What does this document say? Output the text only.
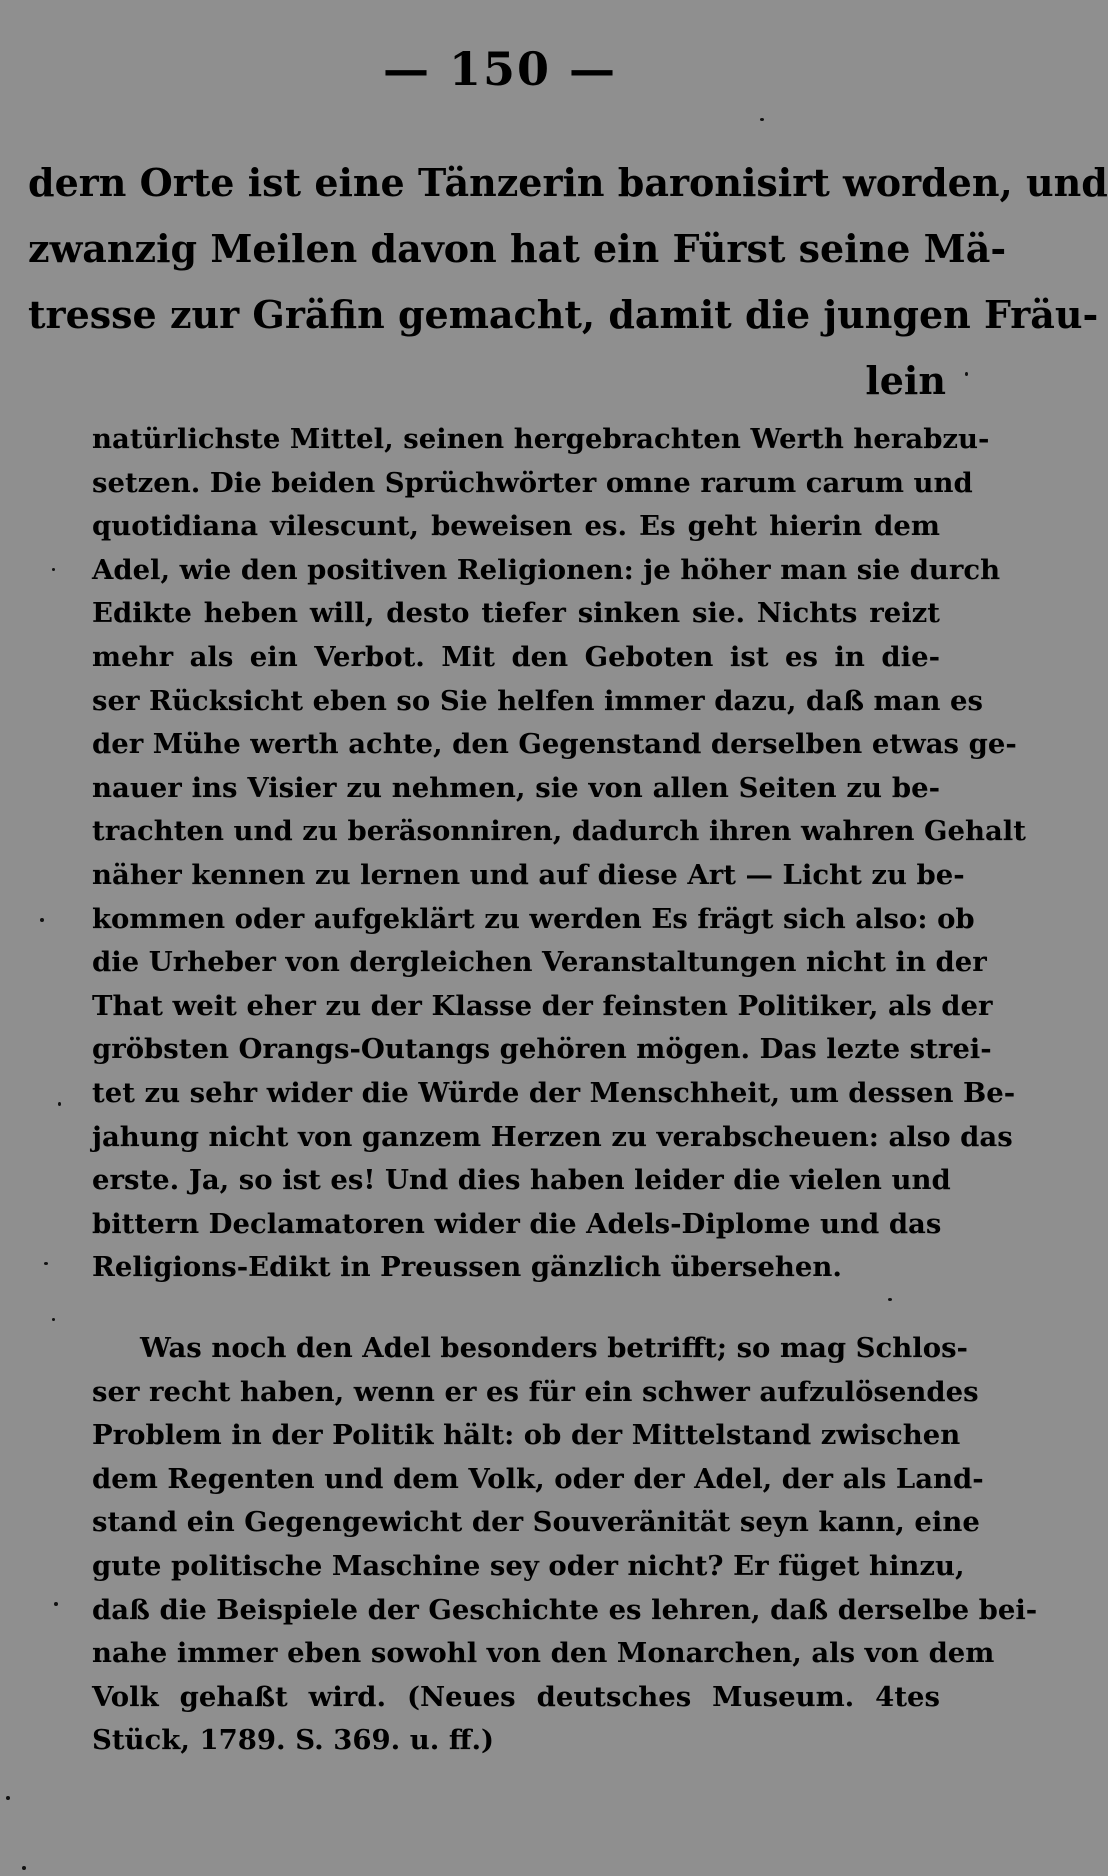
— 150 —
dern Orte ist eine Tänzerin baronisirt worden, und
zwanzig Meilen davon hat ein Fürst seine Mä-
tresse zur Gräfin gemacht, damit die jungen Fräu-
lein
natürlichste Mittel, seinen hergebrachten Werth herabzu-
setzen. Die beiden Sprüchwörter omne rarum carum und
quotidiana vilescunt, beweisen es. Es geht hierin dem
Adel, wie den positiven Religionen: je höher man sie durch
Edikte heben will, desto tiefer sinken sie. Nichts reizt
mehr als ein Verbot. Mit den Geboten ist es in die-
ser Rücksicht eben so Sie helfen immer dazu, daß man es
der Mühe werth achte, den Gegenstand derselben etwas ge-
nauer ins Visier zu nehmen, sie von allen Seiten zu be-
trachten und zu beräsonniren, dadurch ihren wahren Gehalt
näher kennen zu lernen und auf diese Art — Licht zu be-
kommen oder aufgeklärt zu werden Es frägt sich also: ob
die Urheber von dergleichen Veranstaltungen nicht in der
That weit eher zu der Klasse der feinsten Politiker, als der
gröbsten Orangs-Outangs gehören mögen. Das lezte strei-
tet zu sehr wider die Würde der Menschheit, um dessen Be-
jahung nicht von ganzem Herzen zu verabscheuen: also das
erste. Ja, so ist es! Und dies haben leider die vielen und
bittern Declamatoren wider die Adels-Diplome und das
Religions-Edikt in Preussen gänzlich übersehen.
Was noch den Adel besonders betrifft; so mag Schlos-
ser recht haben, wenn er es für ein schwer aufzulösendes
Problem in der Politik hält: ob der Mittelstand zwischen
dem Regenten und dem Volk, oder der Adel, der als Land-
stand ein Gegengewicht der Souveränität seyn kann, eine
gute politische Maschine sey oder nicht? Er füget hinzu,
daß die Beispiele der Geschichte es lehren, daß derselbe bei-
nahe immer eben sowohl von den Monarchen, als von dem
Volk gehaßt wird. (Neues deutsches Museum. 4tes
Stück, 1789. S. 369. u. ff.)
